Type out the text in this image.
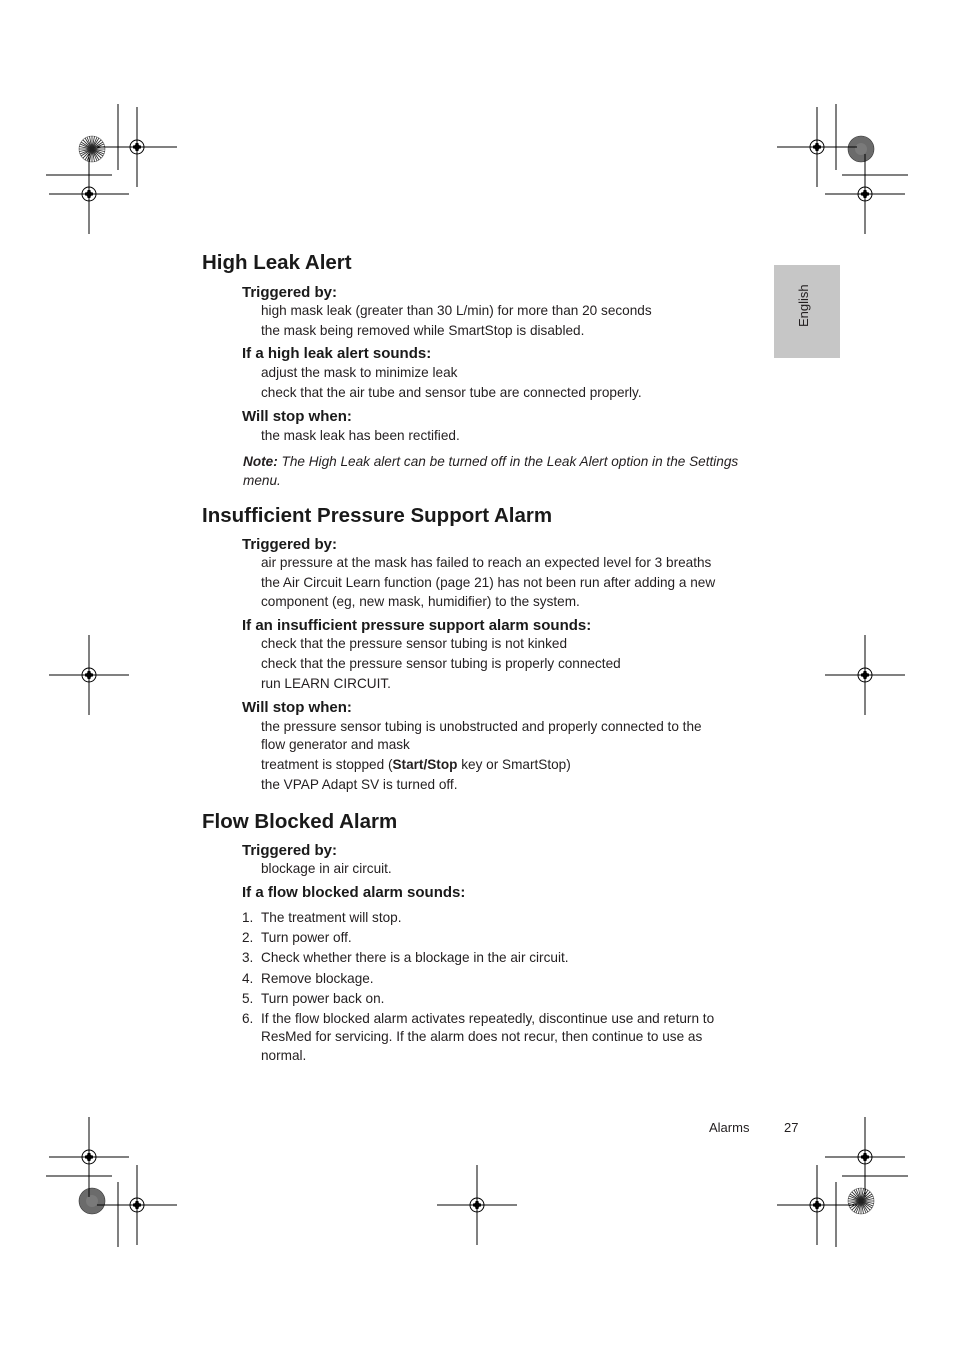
English
High Leak Alert
Triggered by:
high mask leak (greater than 30 L/min) for more than 20 seconds
the mask being removed while SmartStop is disabled.
If a high leak alert sounds:
adjust the mask to minimize leak
check that the air tube and sensor tube are connected properly.
Will stop when:
the mask leak has been rectified.
Note: The High Leak alert can be turned off in the Leak Alert option in the Settings menu.
Insufficient Pressure Support Alarm
Triggered by:
air pressure at the mask has failed to reach an expected level for 3 breaths
the Air Circuit Learn function (page 21) has not been run after adding a new
component (eg, new mask, humidifier) to the system.
If an insufficient pressure support alarm sounds:
check that the pressure sensor tubing is not kinked
check that the pressure sensor tubing is properly connected
run LEARN CIRCUIT.
Will stop when:
the pressure sensor tubing is unobstructed and properly connected to the
flow generator and mask
treatment is stopped (Start/Stop key or SmartStop)
the VPAP Adapt SV is turned off.
Flow Blocked Alarm
Triggered by:
blockage in air circuit.
If a flow blocked alarm sounds:
1. The treatment will stop.
2. Turn power off.
3. Check whether there is a blockage in the air circuit.
4. Remove blockage.
5. Turn power back on.
6. If the flow blocked alarm activates repeatedly, discontinue use and return to
ResMed for servicing. If the alarm does not recur, then continue to use as
normal.
Alarms	27
